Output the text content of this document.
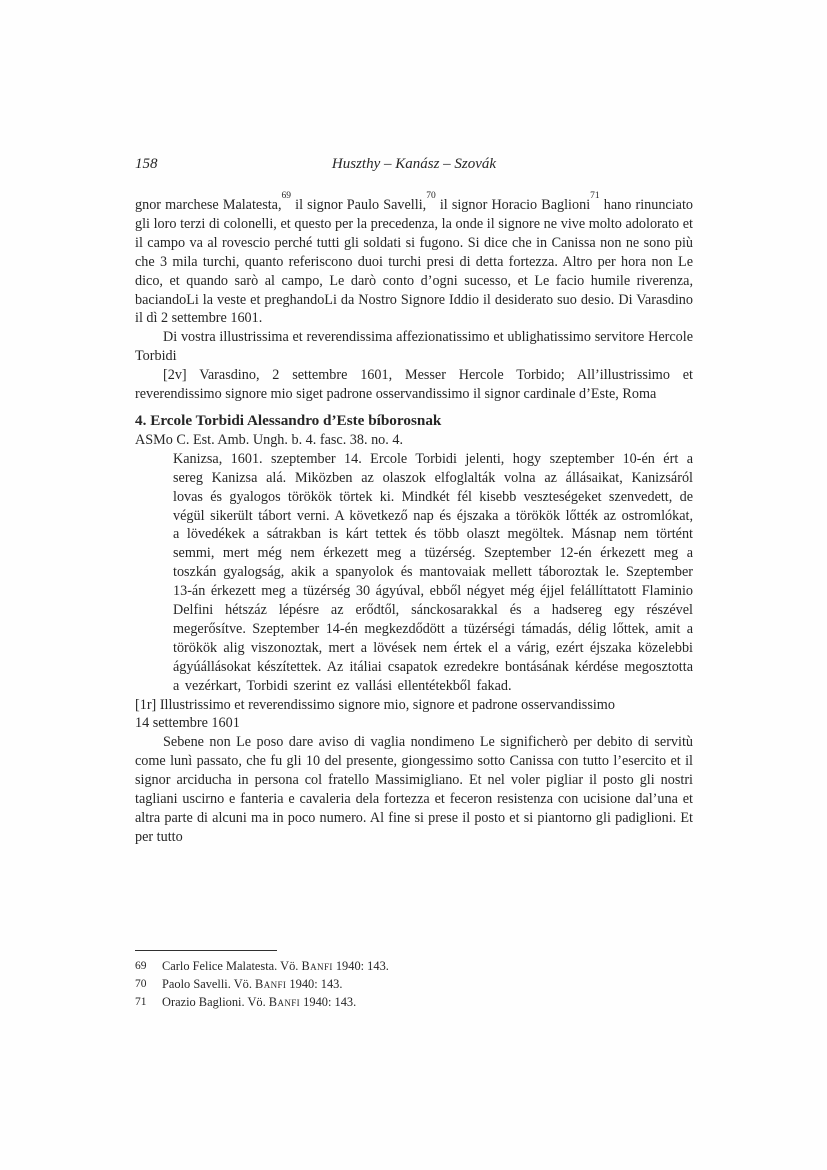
158	Huszthy – Kanász – Szovák

gnor marchese Malatesta,$^{69}$ il signor Paulo Savelli,$^{70}$ il signor Horacio Baglioni$^{71}$ hano rinunciato gli loro terzi di colonelli, et questo per la precedenza, la onde il signore ne vive molto adolorato et il campo va al rovescio perché tutti gli soldati si fugono. Si dice che in Canissa non ne sono più che 3 mila turchi, quanto referiscono duoi turchi presi di detta fortezza. Altro per hora non Le dico, et quando sarò al campo, Le darò conto d’ogni sucesso, et Le facio humile riverenza, baciandoLi la veste et preghandoLi da Nostro Signore Iddio il desiderato suo desio. Di Varasdino il dì 2 settembre 1601.

Di vostra illustrissima et reverendissima affezionatissimo et ublighatissimo servitore Hercole Torbidi

[2v] Varasdino, 2 settembre 1601, Messer Hercole Torbido; All’illustrissimo et reverendissimo signore mio siget padrone osservandissimo il signor cardinale d’Este, Roma

4. Ercole Torbidi Alessandro d’Este bíborosnak

ASMo C. Est. Amb. Ungh. b. 4. fasc. 38. no. 4.

Kanizsa, 1601. szeptember 14. Ercole Torbidi jelenti, hogy szeptember 10-én ért a sereg Kanizsa alá. Miközben az olaszok elfoglalták volna az állásaikat, Kanizsáról lovas és gyalogos törökök törtek ki. Mindkét fél kisebb veszteségeket szenvedett, de végül sikerült tábort verni. A következő nap és éjszaka a törökök lőtték az ostromlókat, a lövedékek a sátrakban is kárt tettek és több olaszt megöltek. Másnap nem történt semmi, mert még nem érkezett meg a tüzérség. Szeptember 12-én érkezett meg a toszkán gyalogság, akik a spanyolok és mantovaiak mellett táboroztak le. Szeptember 13-án érkezett meg a tüzérség 30 ágyúval, ebből négyet még éjjel felállíttatott Flaminio Delfini hétszáz lépésre az erődtől, sánckosarakkal és a hadsereg egy részével megerősítve. Szeptember 14-én megkezdődött a tüzérségi támadás, délig lőttek, amit a törökök alig viszonoztak, mert a lövések nem értek el a várig, ezért éjszaka közelebbi ágyúállásokat készítettek. Az itáliai csapatok ezredekre bontásának kérdése megosztotta a vezérkart, Torbidi szerint ez vallási ellentétekből fakad.

[1r] Illustrissimo et reverendissimo signore mio, signore et padrone osservandissimo

14 settembre 1601

Sebene non Le poso dare aviso di vaglia nondimeno Le significherò per debito di servitù come lunì passato, che fu gli 10 del presente, giongessimo sotto Canissa con tutto l’esercito et il signor arciducha in persona col fratello Massimigliano. Et nel voler pigliar il posto gli nostri tagliani uscirno e fanteria e cavaleria dela fortezza et feceron resistenza con ucisione dal’una et altra parte di alcuni ma in poco numero. Al fine si prese il posto et si piantorno gli padiglioni. Et per tutto

69	Carlo Felice Malatesta. Vö. Banfi 1940: 143.
70	Paolo Savelli. Vö. Banfi 1940: 143.
71	Orazio Baglioni. Vö. Banfi 1940: 143.
